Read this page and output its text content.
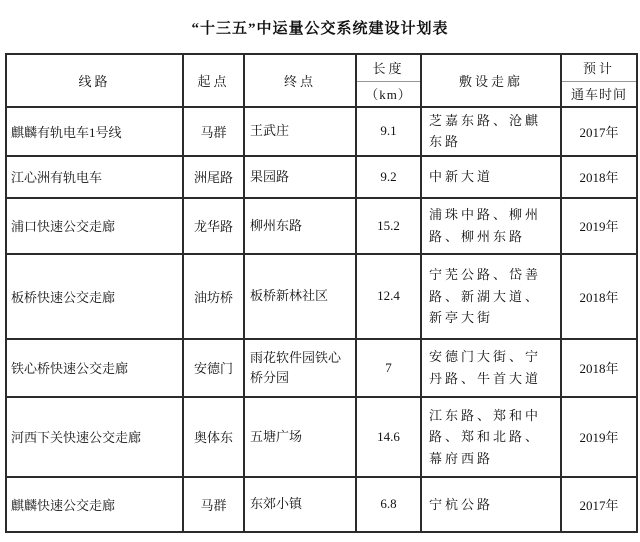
“十三五”中运量公交系统建设计划表
线路	起点	终点	长度	敷设走廊	预计
			（km）		通车时间
麒麟有轨电车1号线	马群	王武庄	9.1	芝嘉东路、沧麒东路	2017年
江心洲有轨电车	洲尾路	果园路	9.2	中新大道	2018年
浦口快速公交走廊	龙华路	柳州东路	15.2	浦珠中路、柳州路、柳州东路	2019年
板桥快速公交走廊	油坊桥	板桥新林社区	12.4	宁芜公路、岱善路、新湖大道、新亭大街	2018年
铁心桥快速公交走廊	安德门	雨花软件园铁心桥分园	7	安德门大街、宁丹路、牛首大道	2018年
河西下关快速公交走廊	奥体东	五塘广场	14.6	江东路、郑和中路、郑和北路、幕府西路	2019年
麒麟快速公交走廊	马群	东郊小镇	6.8	宁杭公路	2017年
